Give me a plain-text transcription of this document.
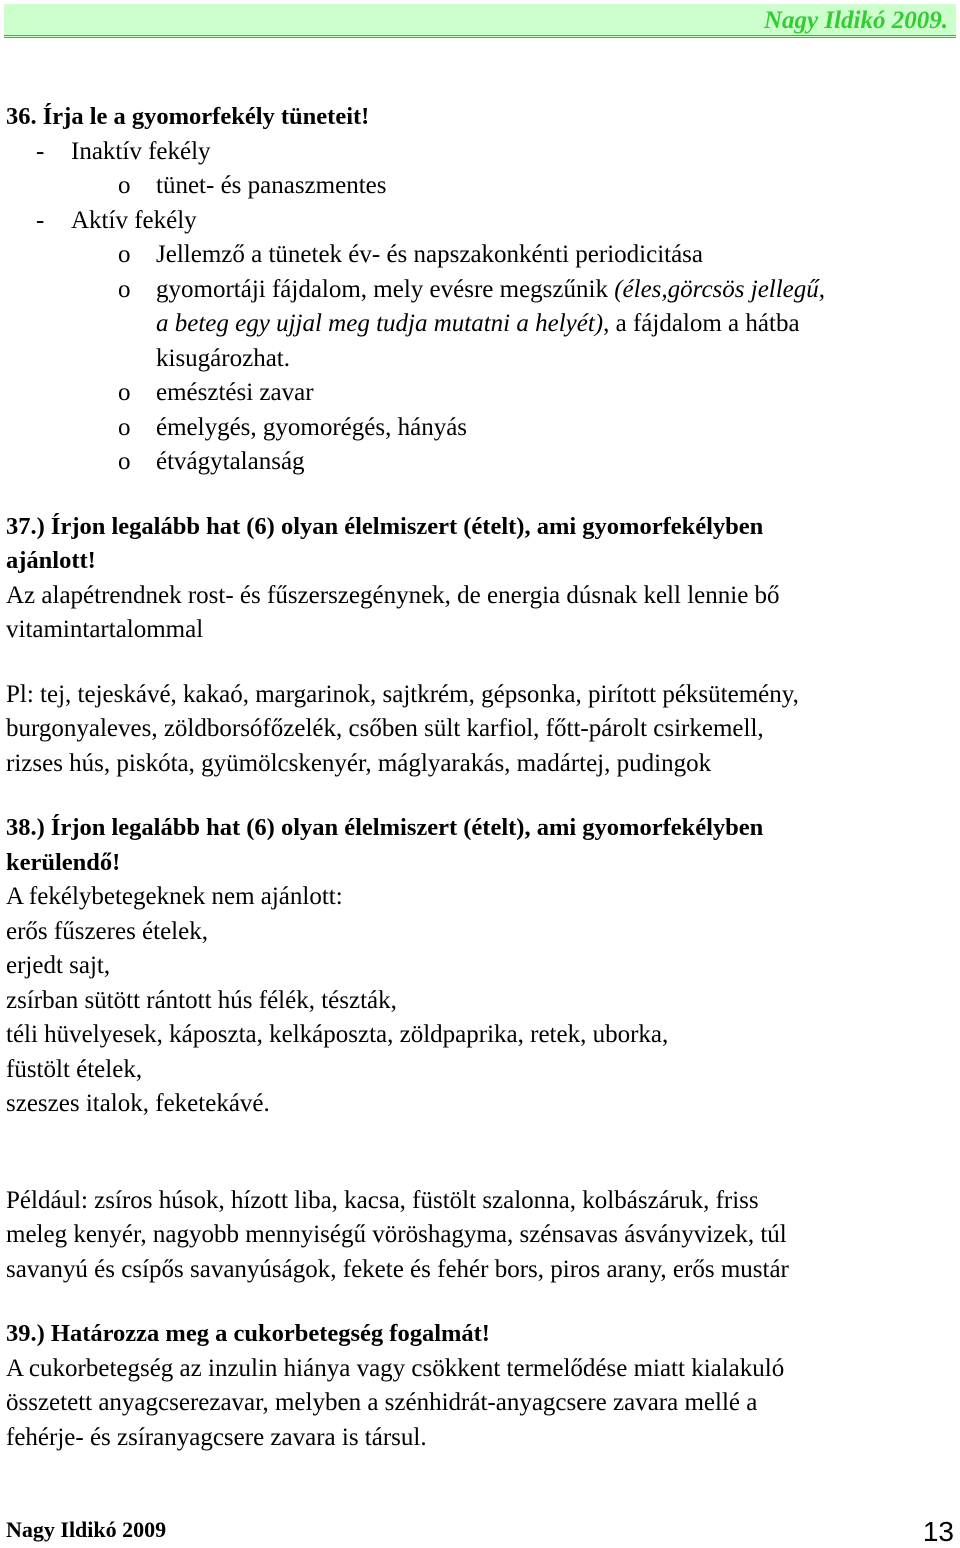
Nagy Ildikó 2009.
36. Írja le a gyomorfekély tüneteit!
- Inaktív fekély
o tünet- és panaszmentes
- Aktív fekély
o Jellemző a tünetek év- és napszakonkénti periodicitása
o gyomortáji fájdalom, mely evésre megszűnik (éles,görcsös jellegű,
a beteg egy ujjal meg tudja mutatni a helyét), a fájdalom a hátba
kisugározhat.
o emésztési zavar
o émelygés, gyomorégés, hányás
o étvágytalanság
37.) Írjon legalább hat (6) olyan élelmiszert (ételt), ami gyomorfekélyben
ajánlott!
Az alapétrendnek rost- és fűszerszegénynek, de energia dúsnak kell lennie bő
vitamintartalommal
Pl: tej, tejeskávé, kakaó, margarinok, sajtkrém, gépsonka, pirított péksütemény,
burgonyaleves, zöldborsófőzelék, csőben sült karfiol, főtt-párolt csirkemell,
rizses hús, piskóta, gyümölcskenyér, máglyarakás, madártej, pudingok
38.) Írjon legalább hat (6) olyan élelmiszert (ételt), ami gyomorfekélyben
kerülendő!
A fekélybetegeknek nem ajánlott:
erős fűszeres ételek,
erjedt sajt,
zsírban sütött rántott hús félék, tészták,
téli hüvelyesek, káposzta, kelkáposzta, zöldpaprika, retek, uborka,
füstölt ételek,
szeszes italok, feketekávé.
Például: zsíros húsok, hízott liba, kacsa, füstölt szalonna, kolbászáruk, friss
meleg kenyér, nagyobb mennyiségű vöröshagyma, szénsavas ásványvizek, túl
savanyú és csípős savanyúságok, fekete és fehér bors, piros arany, erős mustár
39.) Határozza meg a cukorbetegség fogalmát!
A cukorbetegség az inzulin hiánya vagy csökkent termelődése miatt kialakuló
összetett anyagcserezavar, melyben a szénhidrát-anyagcsere zavara mellé a
fehérje- és zsíranyagcsere zavara is társul.
Nagy Ildikó 2009	13
